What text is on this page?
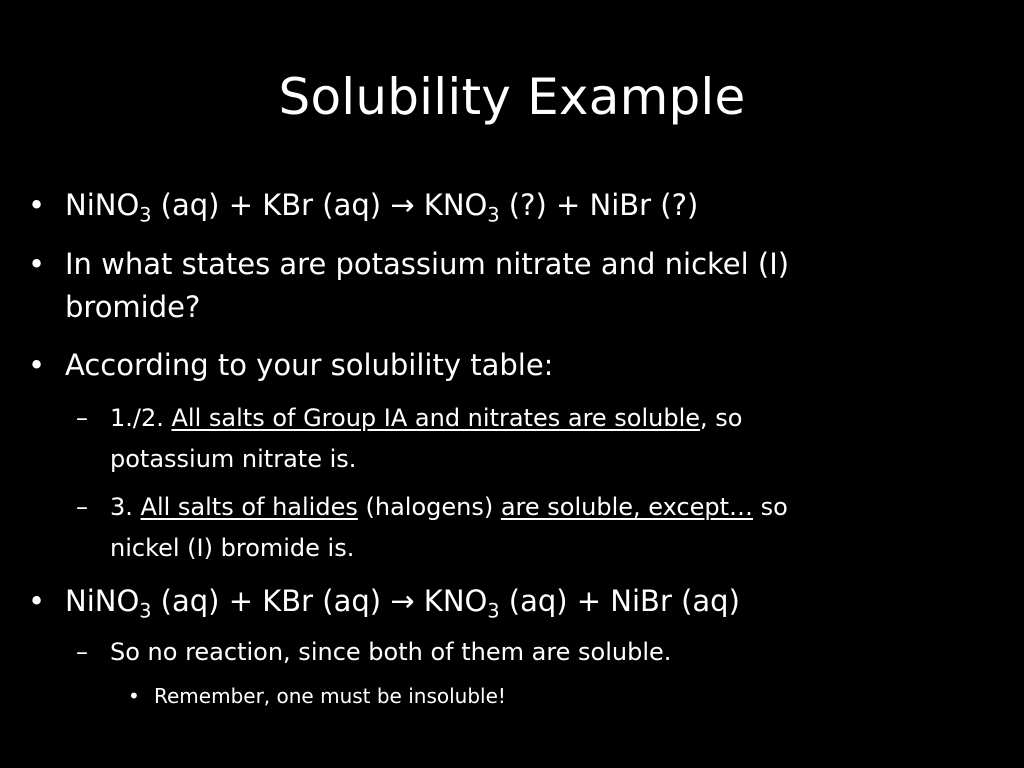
Solubility Example
• NiNO$_3$ (aq) + KBr $(aq) \to KNO_3$ (?) + NiBr (?)
• In what states are potassium nitrate and nickel (I)
bromide?
• According to your solubility table:
– 1./2. All salts of Group IA and nitrates are soluble, so
potassium nitrate is.
– 3. All salts of halides (halogens) are soluble, except… so
nickel (I) bromide is.
• NiNO$_3$ (aq) + KBr $(aq) \to KNO_3$ (aq) + NiBr (aq)
– So no reaction, since both of them are soluble.
• Remember, one must be insoluble!
